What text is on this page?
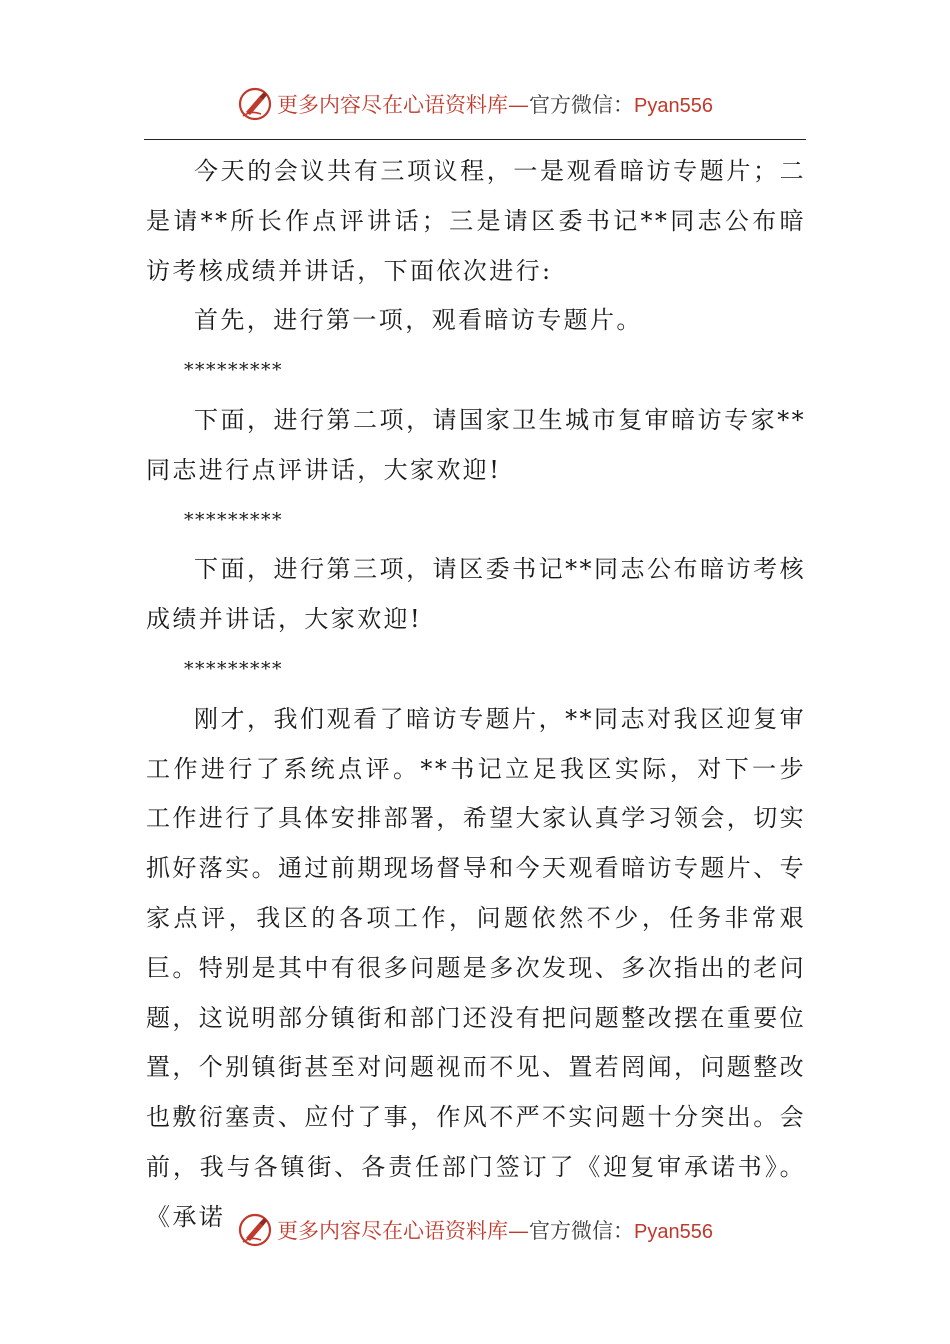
更多内容尽在心语资料库 — 官方微信： Pyan556

今天的会议共有三项议程，一是观看暗访专题片；二是请**所长作点评讲话；三是请区委书记**同志公布暗访考核成绩并讲话，下面依次进行:

首先，进行第一项，观看暗访专题片。

*********

下面，进行第二项，请国家卫生城市复审暗访专家**同志进行点评讲话，大家欢迎!

*********

下面，进行第三项，请区委书记**同志公布暗访考核成绩并讲话，大家欢迎!

*********

刚才，我们观看了暗访专题片，**同志对我区迎复审工作进行了系统点评。**书记立足我区实际，对下一步工作进行了具体安排部署，希望大家认真学习领会，切实抓好落实。通过前期现场督导和今天观看暗访专题片、专家点评，我区的各项工作，问题依然不少，任务非常艰巨。特别是其中有很多问题是多次发现、多次指出的老问题，这说明部分镇街和部门还没有把问题整改摆在重要位置，个别镇街甚至对问题视而不见、置若罔闻，问题整改也敷衍塞责、应付了事，作风不严不实问题十分突出。会前，我与各镇街、各责任部门签订了《迎复审承诺书》。《承诺

更多内容尽在心语资料库 — 官方微信： Pyan556
